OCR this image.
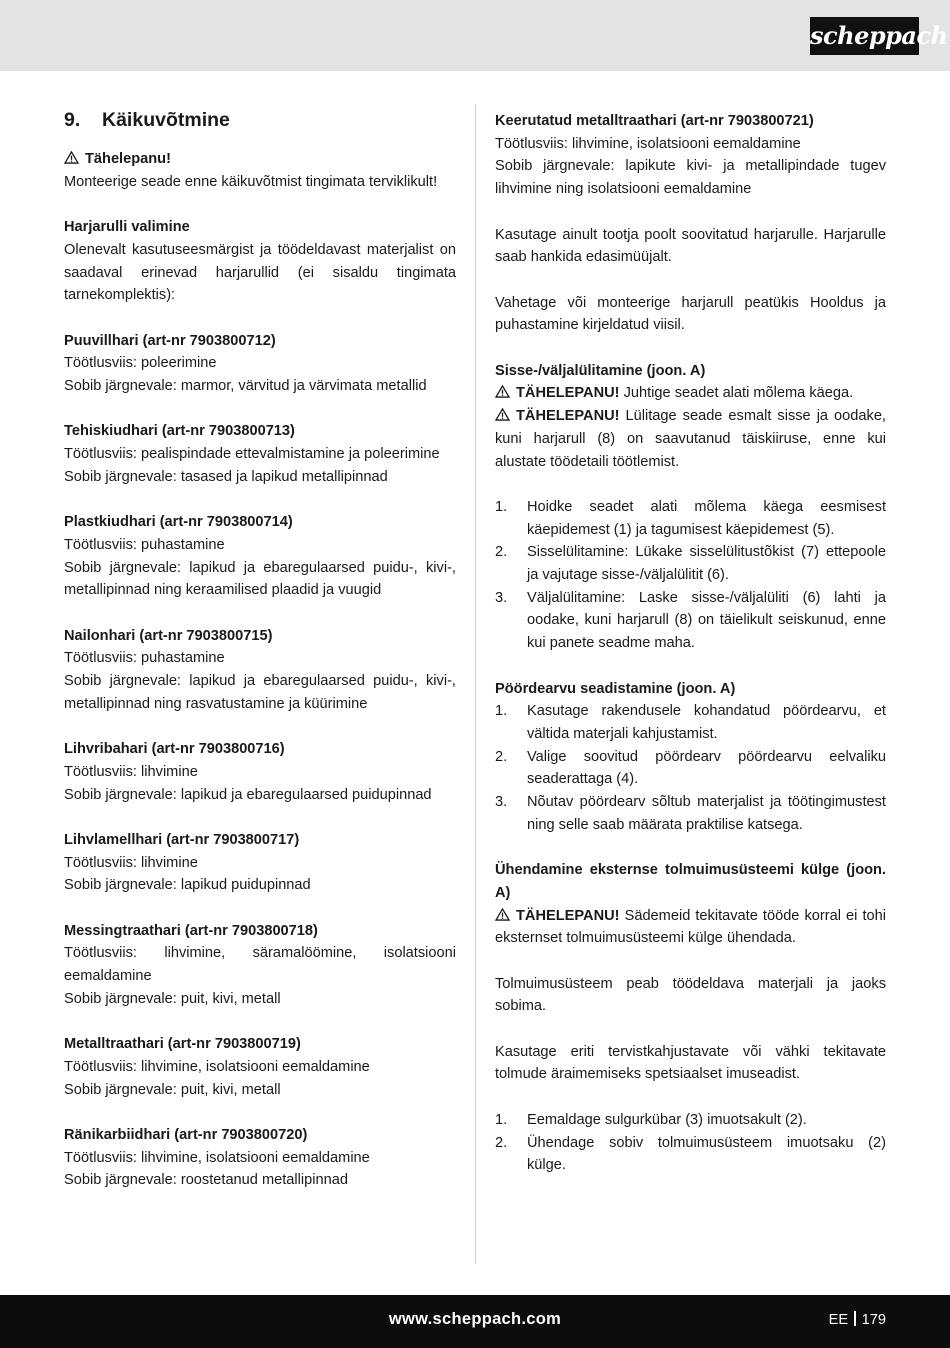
scheppach
9. Käikuvõtmine

Tähelepanu!

Monteerige seade enne käikuvõtmist tingimata terviklikult!

Harjarulli valimine

Olenevalt kasutuseesmärgist ja töödeldavast materjalist on saadaval erinevad harjarullid (ei sisaldu tingimata tarnekomplektis):

Puuvillhari (art-nr 7903800712)

Töötlusviis: poleerimine

Sobib järgnevale: marmor, värvitud ja värvimata metallid

Tehiskiudhari (art-nr 7903800713)

Töötlusviis: pealispindade ettevalmistamine ja poleerimine

Sobib järgnevale: tasased ja lapikud metallipinnad

Plastkiudhari (art-nr 7903800714)

Töötlusviis: puhastamine

Sobib järgnevale: lapikud ja ebaregulaarsed puidu-, kivi-, metallipinnad ning keraamilised plaadid ja vuugid

Nailonhari (art-nr 7903800715)

Töötlusviis: puhastamine

Sobib järgnevale: lapikud ja ebaregulaarsed puidu-, kivi-, metallipinnad ning rasvatustamine ja küürimine

Lihvribahari (art-nr 7903800716)

Töötlusviis: lihvimine

Sobib järgnevale: lapikud ja ebaregulaarsed puidupinnad

Lihvlamellhari (art-nr 7903800717)

Töötlusviis: lihvimine

Sobib järgnevale: lapikud puidupinnad

Messingtraathari (art-nr 7903800718)

Töötlusviis: lihvimine, säramalöömine, isolatsiooni eemaldamine

Sobib järgnevale: puit, kivi, metall

Metalltraathari (art-nr 7903800719)

Töötlusviis: lihvimine, isolatsiooni eemaldamine

Sobib järgnevale: puit, kivi, metall

Ränikarbiidhari (art-nr 7903800720)

Töötlusviis: lihvimine, isolatsiooni eemaldamine

Sobib järgnevale: roostetanud metallipinnad

Keerutatud metalltraathari (art-nr 7903800721)

Töötlusviis: lihvimine, isolatsiooni eemaldamine

Sobib järgnevale: lapikute kivi- ja metallipindade tugev lihvimine ning isolatsiooni eemaldamine

Kasutage ainult tootja poolt soovitatud harjarulle. Harjarulle saab hankida edasimüüjalt.

Vahetage või monteerige harjarull peatükis Hooldus ja puhastamine kirjeldatud viisil.

Sisse-/väljalülitamine (joon. A)

TÄHELEPANU! Juhtige seadet alati mõlema käega.

TÄHELEPANU! Lülitage seade esmalt sisse ja oodake, kuni harjarull (8) on saavutanud täiskiiruse, enne kui alustate töödetaili töötlemist.

1. Hoidke seadet alati mõlema käega eesmisest käepidemest (1) ja tagumisest käepidemest (5).
2. Sisselülitamine: Lükake sisselülitustõkist (7) ettepoole ja vajutage sisse-/väljalülitit (6).
3. Väljalülitamine: Laske sisse-/väljalüliti (6) lahti ja oodake, kuni harjarull (8) on täielikult seiskunud, enne kui panete seadme maha.

Pöördearvu seadistamine (joon. A)

1. Kasutage rakendusele kohandatud pöördearvu, et vältida materjali kahjustamist.
2. Valige soovitud pöördearv pöördearvu eelvaliku seaderattaga (4).
3. Nõutav pöördearv sõltub materjalist ja töötingimustest ning selle saab määrata praktilise katsega.

Ühendamine eksternse tolmuimusüsteemi külge (joon. A)

TÄHELEPANU! Sädemeid tekitavate tööde korral ei tohi eksternset tolmuimusüsteemi külge ühendada.

Tolmuimusüsteem peab töödeldava materjali ja jaoks sobima.

Kasutage eriti tervistkahjustavate või vähki tekitavate tolmude äraimemiseks spetsiaalset imuseadist.

1. Eemaldage sulgurkübar (3) imuotsakult (2).
2. Ühendage sobiv tolmuimusüsteem imuotsaku (2) külge.
www.scheppach.com	EE 179
